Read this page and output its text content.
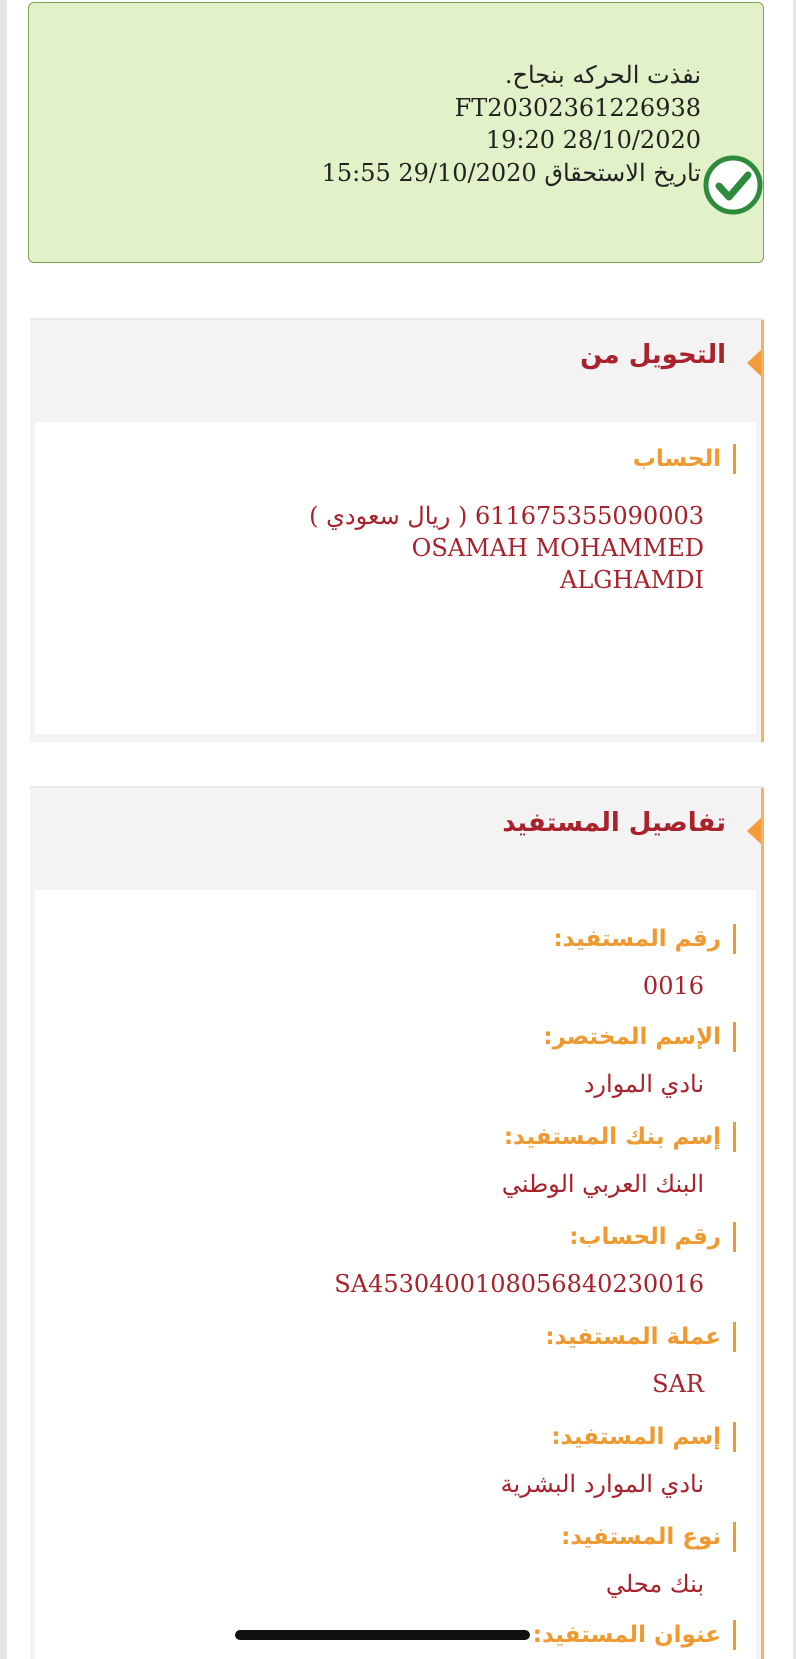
نفذت الحركه بنجاح.
FT20302361226938
19:20 28/10/2020
تاريخ الاستحقاق 29/10/2020 15:55
التحويل من
الحساب
611675355090003 ( ريال سعودي )
OSAMAH MOHAMMED
ALGHAMDI
تفاصيل المستفيد
رقم المستفيد:
0016
الإسم المختصر:
نادي الموارد
إسم بنك المستفيد:
البنك العربي الوطني
رقم الحساب:
SA4530400108056840230016
عملة المستفيد:
SAR
إسم المستفيد:
نادي الموارد البشرية
نوع المستفيد:
بنك محلي
عنوان المستفيد:
